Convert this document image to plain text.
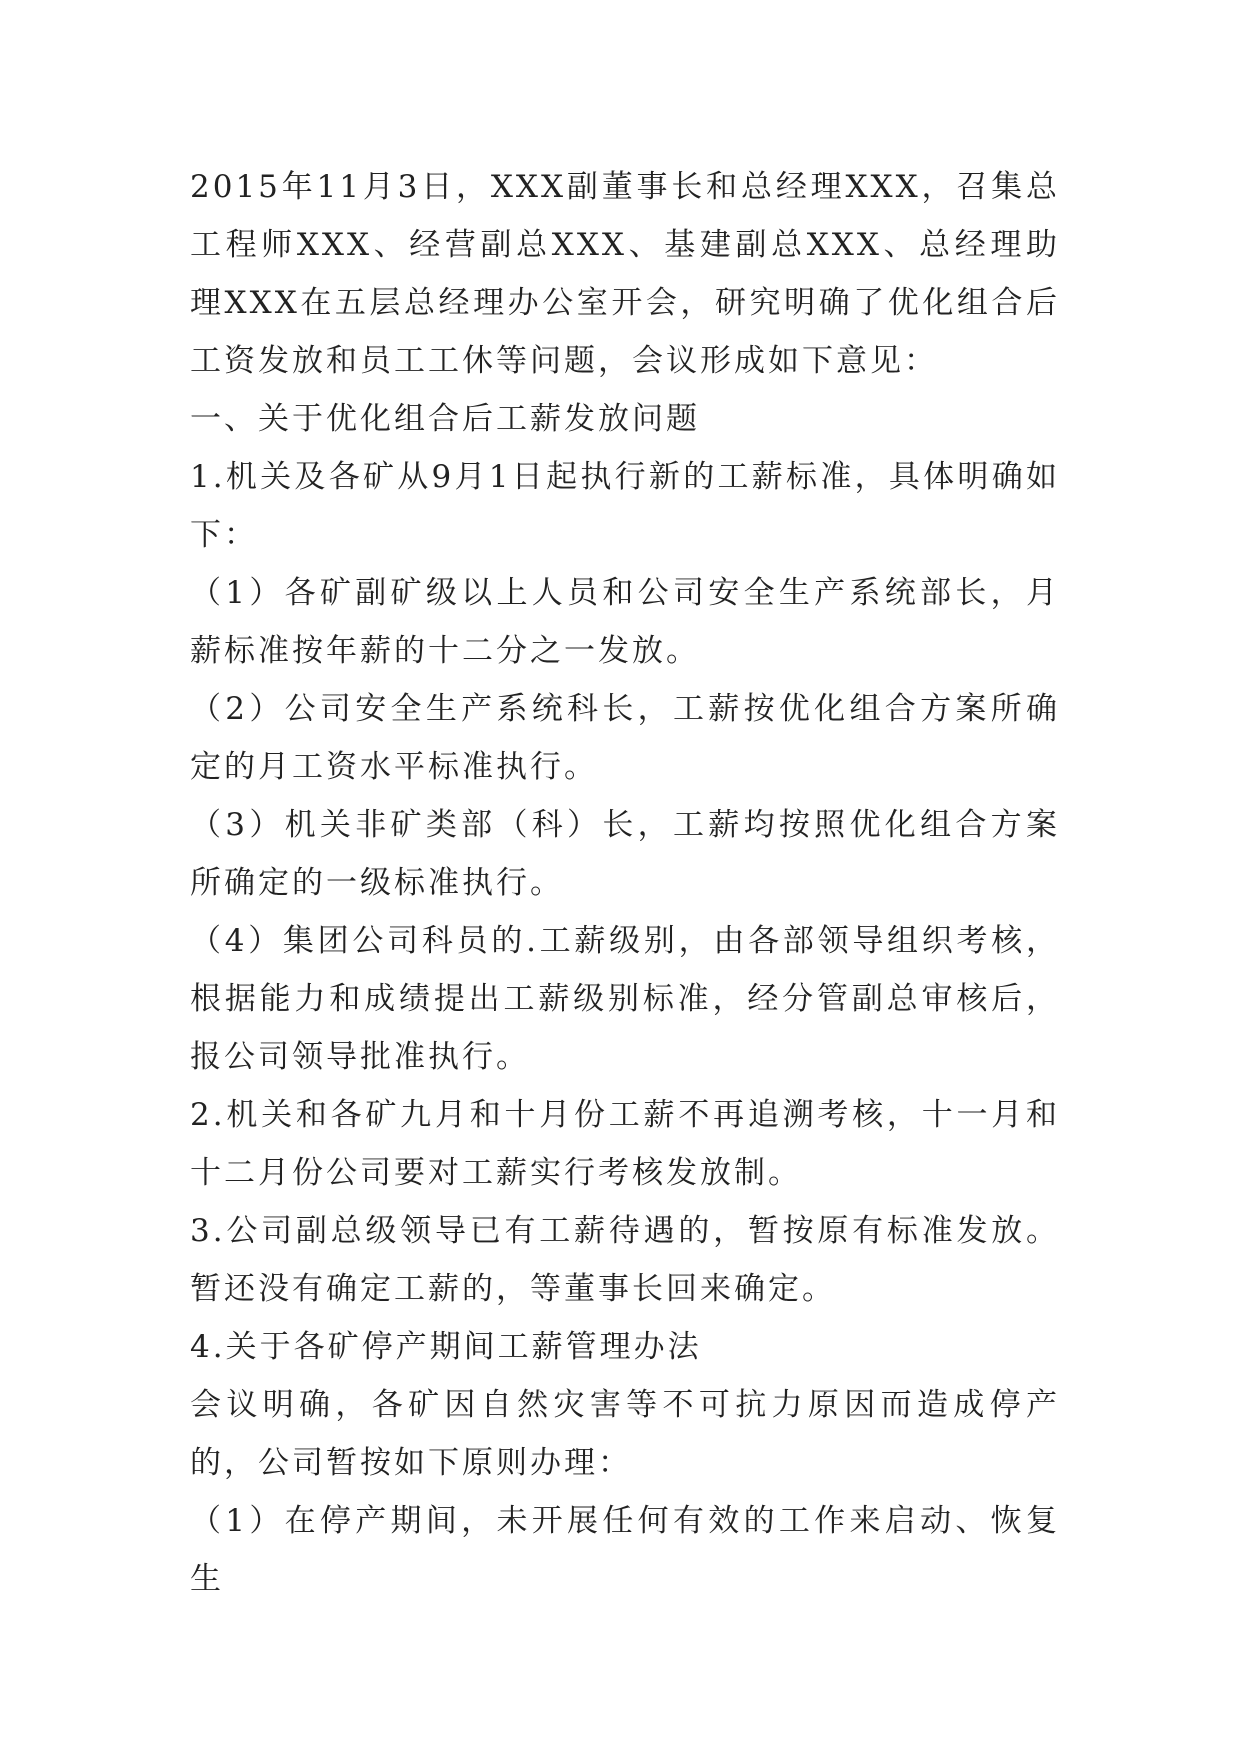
2015年11月3日，XXX副董事长和总经理XXX，召集总工程师XXX、经营副总XXX、基建副总XXX、总经理助理XXX在五层总经理办公室开会，研究明确了优化组合后工资发放和员工工休等问题，会议形成如下意见：

一、关于优化组合后工薪发放问题

1.机关及各矿从9月1日起执行新的工薪标准，具体明确如下：

（1）各矿副矿级以上人员和公司安全生产系统部长，月薪标准按年薪的十二分之一发放。

（2）公司安全生产系统科长，工薪按优化组合方案所确定的月工资水平标准执行。

（3）机关非矿类部（科）长，工薪均按照优化组合方案所确定的一级标准执行。

（4）集团公司科员的.工薪级别，由各部领导组织考核，根据能力和成绩提出工薪级别标准，经分管副总审核后，报公司领导批准执行。

2.机关和各矿九月和十月份工薪不再追溯考核，十一月和十二月份公司要对工薪实行考核发放制。

3.公司副总级领导已有工薪待遇的，暂按原有标准发放。暂还没有确定工薪的，等董事长回来确定。

4.关于各矿停产期间工薪管理办法

会议明确，各矿因自然灾害等不可抗力原因而造成停产的，公司暂按如下原则办理：

（1）在停产期间，未开展任何有效的工作来启动、恢复生
